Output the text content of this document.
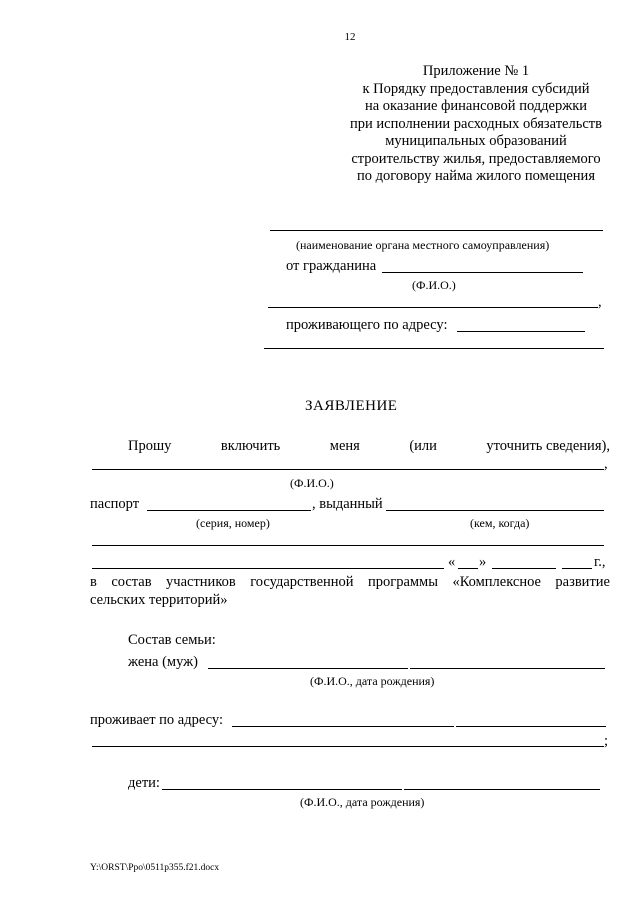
12
Приложение № 1
к Порядку предоставления субсидий
на оказание финансовой поддержки
при исполнении расходных обязательств
муниципальных образований
строительству жилья, предоставляемого
по договору найма жилого помещения
(наименование органа местного самоуправления)
от гражданина
(Ф.И.О.)
,
проживающего по адресу:
ЗАЯВЛЕНИЕ
Прошу	включить	меня	(или	уточнить сведения),
,
(Ф.И.О.)
паспорт	, выданный
(серия, номер)	(кем, когда)
« »	г.,
в состав участников государственной программы «Комплексное развитие
сельских территорий»
Состав семьи:
жена (муж)
(Ф.И.О., дата рождения)
проживает по адресу:
;
дети:
(Ф.И.О., дата рождения)
Y:\ORST\Ppo\0511p355.f21.docx
